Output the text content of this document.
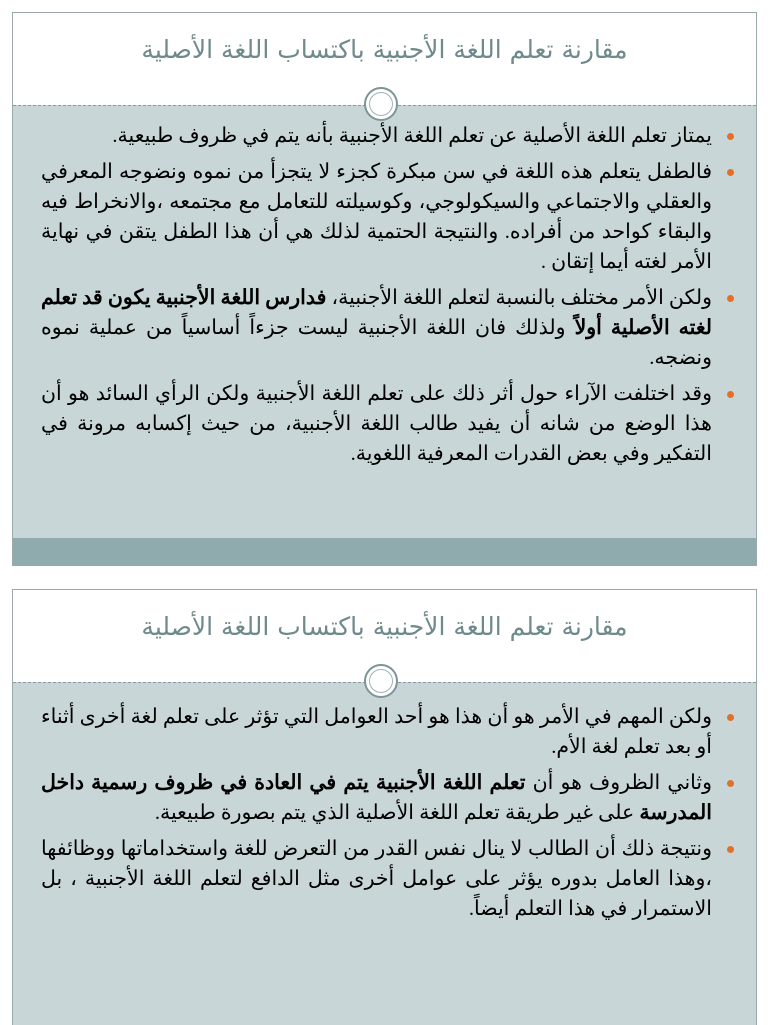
مقارنة تعلم اللغة الأجنبية باكتساب اللغة الأصلية
يمتاز تعلم اللغة الأصلية عن تعلم اللغة الأجنبية بأنه يتم في ظروف طبيعية.
فالطفل يتعلم هذه اللغة في سن مبكرة كجزء لا يتجزأ من نموه ونضوجه المعرفي والعقلي والاجتماعي والسيكولوجي، وكوسيلته للتعامل مع مجتمعه ،والانخراط فيه والبقاء كواحد من أفراده. والنتيجة الحتمية لذلك هي أن هذا الطفل يتقن في نهاية الأمر لغته أيما إتقان .
ولكن الأمر مختلف بالنسبة لتعلم اللغة الأجنبية، فدارس اللغة الأجنبية يكون قد تعلم لغته الأصلية أولاً ولذلك فان اللغة الأجنبية ليست جزءاً أساسياً من عملية نموه ونضجه.
وقد اختلفت الآراء حول أثر ذلك على تعلم اللغة الأجنبية ولكن الرأي السائد هو أن هذا الوضع من شانه أن يفيد طالب اللغة الأجنبية، من حيث إكسابه مرونة في التفكير وفي بعض القدرات المعرفية اللغوية.
مقارنة تعلم اللغة الأجنبية باكتساب اللغة الأصلية
ولكن المهم في الأمر هو أن هذا هو أحد العوامل التي تؤثر على تعلم لغة أخرى أثناء أو بعد تعلم لغة الأم.
وثاني الظروف هو أن تعلم اللغة الأجنبية يتم في العادة في ظروف رسمية داخل المدرسة على غير طريقة تعلم اللغة الأصلية الذي يتم بصورة طبيعية.
ونتيجة ذلك أن الطالب لا ينال نفس القدر من التعرض للغة واستخداماتها ووظائفها ،وهذا العامل بدوره يؤثر على عوامل أخرى مثل الدافع لتعلم اللغة الأجنبية ، بل الاستمرار في هذا التعلم أيضاً.
